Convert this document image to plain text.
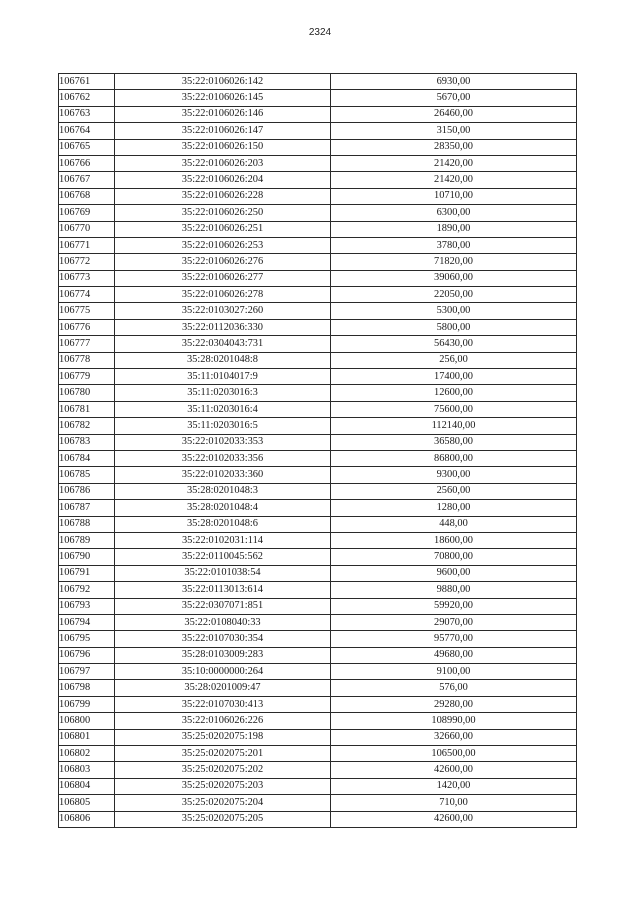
2324
106761	35:22:0106026:142	6930,00
106762	35:22:0106026:145	5670,00
106763	35:22:0106026:146	26460,00
106764	35:22:0106026:147	3150,00
106765	35:22:0106026:150	28350,00
106766	35:22:0106026:203	21420,00
106767	35:22:0106026:204	21420,00
106768	35:22:0106026:228	10710,00
106769	35:22:0106026:250	6300,00
106770	35:22:0106026:251	1890,00
106771	35:22:0106026:253	3780,00
106772	35:22:0106026:276	71820,00
106773	35:22:0106026:277	39060,00
106774	35:22:0106026:278	22050,00
106775	35:22:0103027:260	5300,00
106776	35:22:0112036:330	5800,00
106777	35:22:0304043:731	56430,00
106778	35:28:0201048:8	256,00
106779	35:11:0104017:9	17400,00
106780	35:11:0203016:3	12600,00
106781	35:11:0203016:4	75600,00
106782	35:11:0203016:5	112140,00
106783	35:22:0102033:353	36580,00
106784	35:22:0102033:356	86800,00
106785	35:22:0102033:360	9300,00
106786	35:28:0201048:3	2560,00
106787	35:28:0201048:4	1280,00
106788	35:28:0201048:6	448,00
106789	35:22:0102031:114	18600,00
106790	35:22:0110045:562	70800,00
106791	35:22:0101038:54	9600,00
106792	35:22:0113013:614	9880,00
106793	35:22:0307071:851	59920,00
106794	35:22:0108040:33	29070,00
106795	35:22:0107030:354	95770,00
106796	35:28:0103009:283	49680,00
106797	35:10:0000000:264	9100,00
106798	35:28:0201009:47	576,00
106799	35:22:0107030:413	29280,00
106800	35:22:0106026:226	108990,00
106801	35:25:0202075:198	32660,00
106802	35:25:0202075:201	106500,00
106803	35:25:0202075:202	42600,00
106804	35:25:0202075:203	1420,00
106805	35:25:0202075:204	710,00
106806	35:25:0202075:205	42600,00
